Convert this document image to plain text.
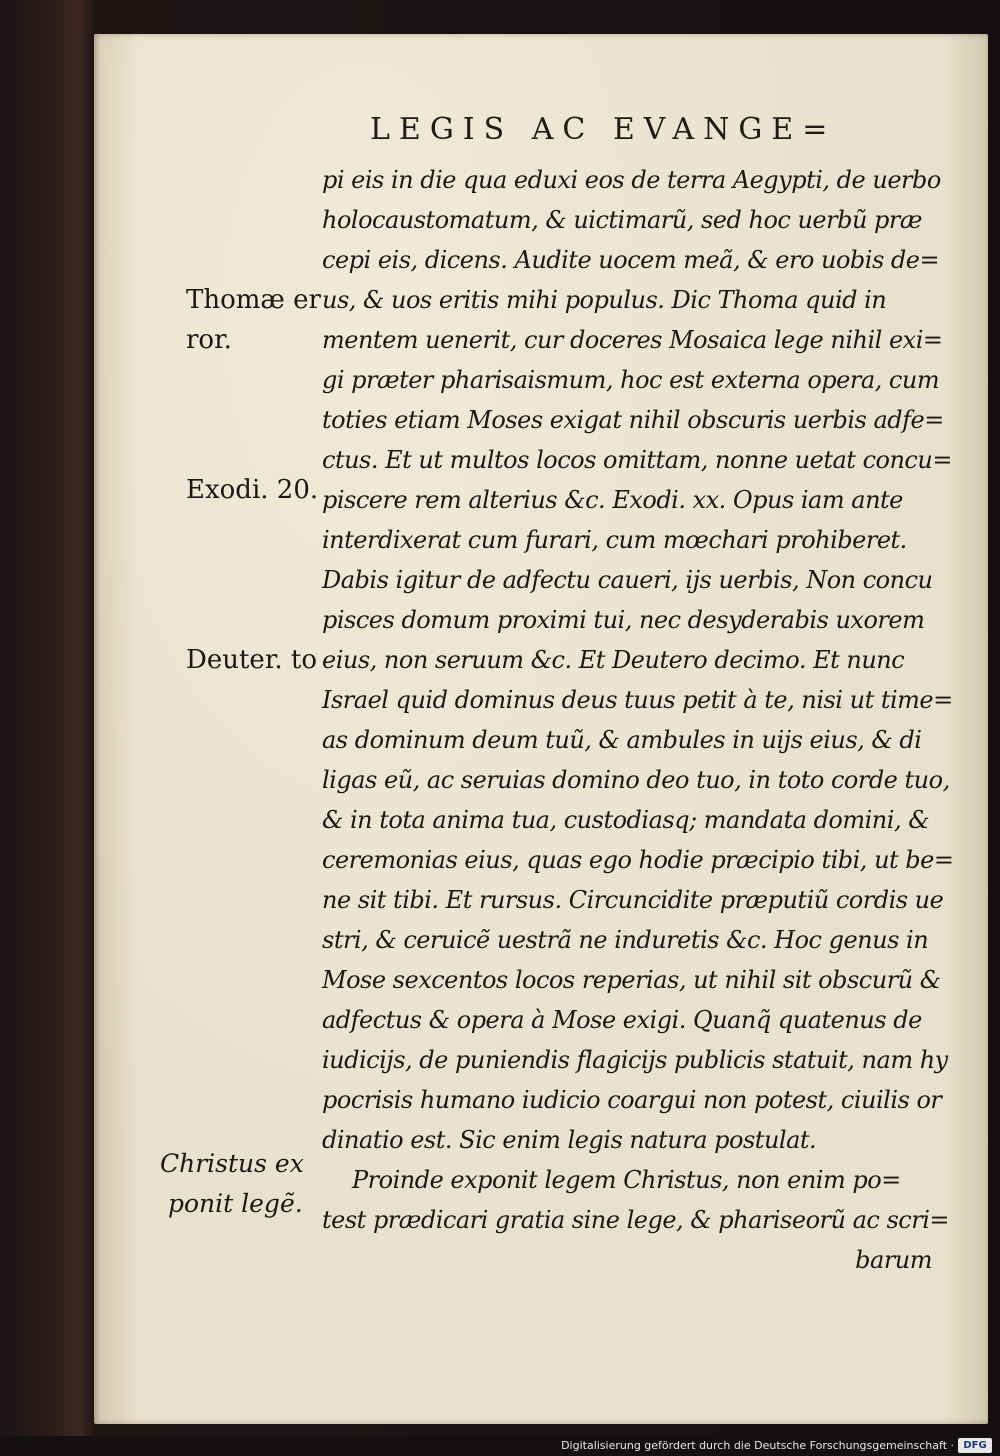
LEGIS AC EVANGE=
pi eis in die qua eduxi eos de terra Aegypti, de uerbo
holocaustomatum, & uictimarũ, sed hoc uerbũ præ
cepi eis, dicens. Audite uocem meã, & ero uobis de=
us, & uos eritis mihi populus. Dic Thoma quid in
mentem uenerit, cur doceres Mosaica lege nihil exi=
gi præter pharisaismum, hoc est externa opera, cum
toties etiam Moses exigat nihil obscuris uerbis adfe=
ctus. Et ut multos locos omittam, nonne uetat concu=
piscere rem alterius &c. Exodi. xx. Opus iam ante
interdixerat cum furari, cum mœchari prohiberet.
Dabis igitur de adfectu caueri, ijs uerbis, Non concu
pisces domum proximi tui, nec desyderabis uxorem
eius, non seruum &c. Et Deutero decimo. Et nunc
Israel quid dominus deus tuus petit à te, nisi ut time=
as dominum deum tuũ, & ambules in uijs eius, & di
ligas eũ, ac seruias domino deo tuo, in toto corde tuo,
& in tota anima tua, custodiasq; mandata domini, &
ceremonias eius, quas ego hodie præcipio tibi, ut be=
ne sit tibi. Et rursus. Circuncidite præputiũ cordis ue
stri, & ceruicẽ uestrã ne induretis &c. Hoc genus in
Mose sexcentos locos reperias, ut nihil sit obscurũ &
adfectus & opera à Mose exigi. Quanq̃ quatenus de
iudicijs, de puniendis flagicijs publicis statuit, nam hy
pocrisis humano iudicio coargui non potest, ciuilis or
dinatio est. Sic enim legis natura postulat.
Proinde exponit legem Christus, non enim po=
test prædicari gratia sine lege, & phariseorũ ac scri=
barum
Thomæ er
ror.
Exodi. 20.
Deuter. to
Christus ex
ponit legẽ.
Digitalisierung gefördert durch die Deutsche Forschungsgemeinschaft · DFG
